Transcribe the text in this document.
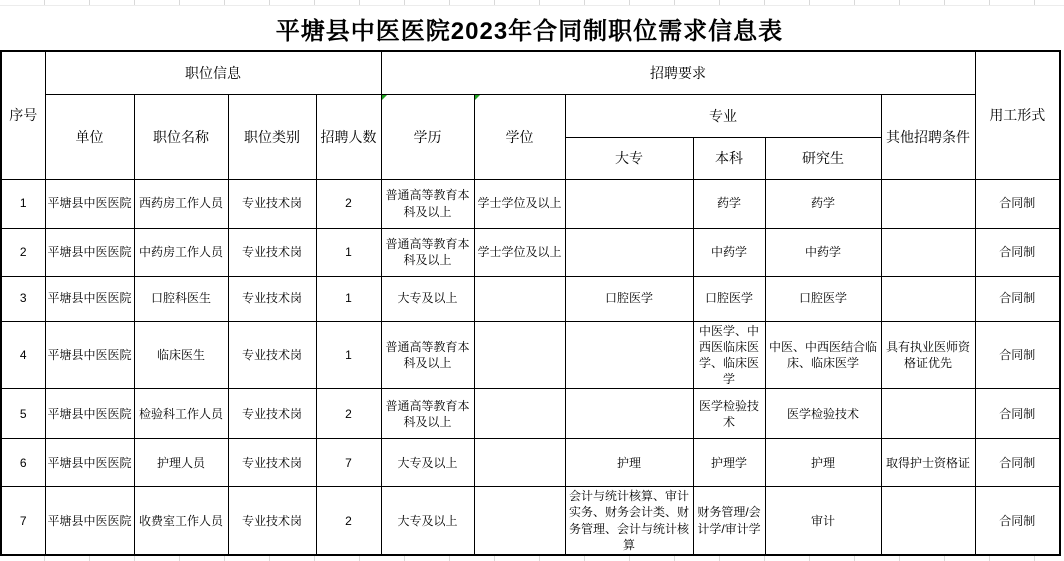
平塘县中医医院2023年合同制职位需求信息表
序号	职位信息				招聘要求						用工形式
	单位	职位名称	职位类别	招聘人数	学历	学位	专业			其他招聘条件	
							大专	本科	研究生		
1	平塘县中医医院	西药房工作人员	专业技术岗	2	普通高等教育本科及以上	学士学位及以上		药学	药学		合同制
2	平塘县中医医院	中药房工作人员	专业技术岗	1	普通高等教育本科及以上	学士学位及以上		中药学	中药学		合同制
3	平塘县中医医院	口腔科医生	专业技术岗	1	大专及以上		口腔医学	口腔医学	口腔医学		合同制
4	平塘县中医医院	临床医生	专业技术岗	1	普通高等教育本科及以上			中医学、中西医临床医学、临床医学	中医、中西医结合临床、临床医学	具有执业医师资格证优先	合同制
5	平塘县中医医院	检验科工作人员	专业技术岗	2	普通高等教育本科及以上			医学检验技术	医学检验技术		合同制
6	平塘县中医医院	护理人员	专业技术岗	7	大专及以上		护理	护理学	护理	取得护士资格证	合同制
7	平塘县中医医院	收费室工作人员	专业技术岗	2	大专及以上		会计与统计核算、审计实务、财务会计类、财务管理、会计与统计核算	财务管理/会计学/审计学	审计		合同制
